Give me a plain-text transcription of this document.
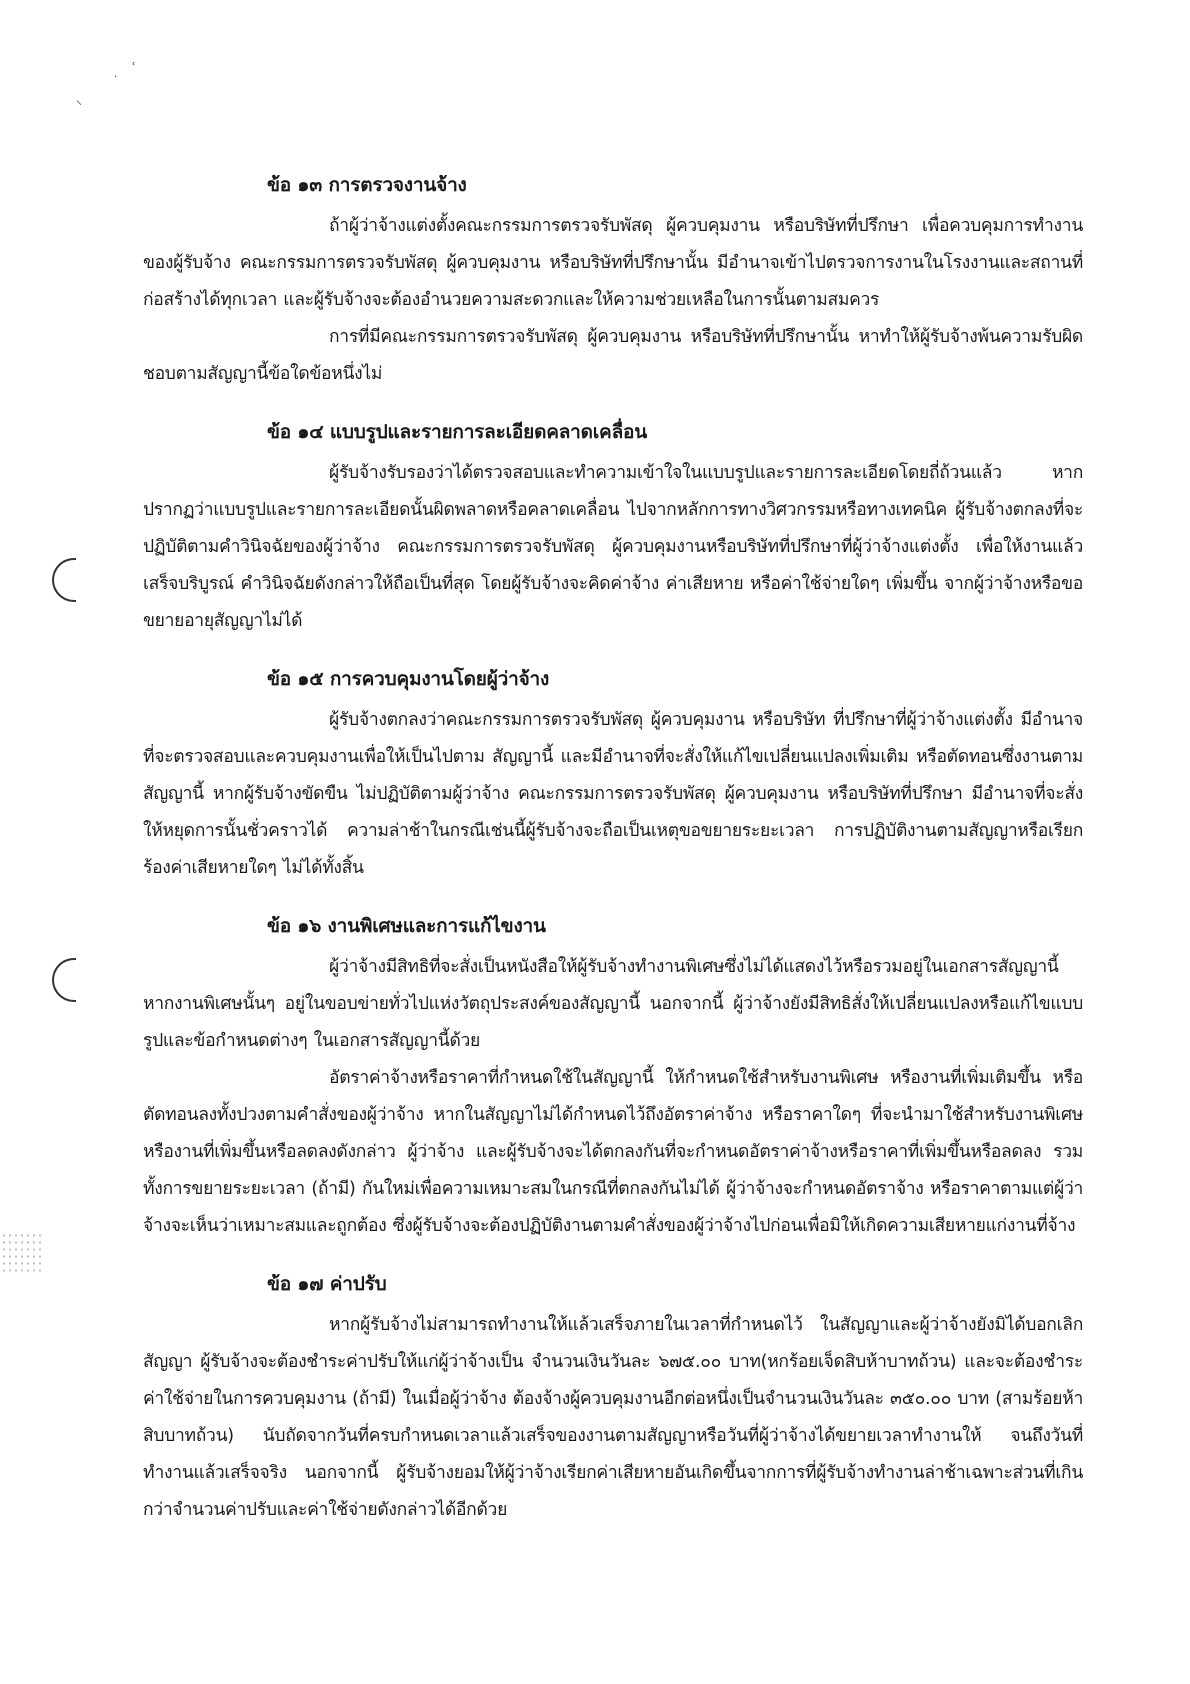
ՙ
·
⸌
ข้อ ๑๓ การตรวจงานจ้าง

ถ้าผู้ว่าจ้างแต่งตั้งคณะกรรมการตรวจรับพัสดุ ผู้ควบคุมงาน หรือบริษัทที่ปรึกษา เพื่อควบคุมการทำงานของผู้รับจ้าง คณะกรรมการตรวจรับพัสดุ ผู้ควบคุมงาน หรือบริษัทที่ปรึกษานั้น มีอำนาจเข้าไปตรวจการงานในโรงงานและสถานที่ก่อสร้างได้ทุกเวลา และผู้รับจ้างจะต้องอำนวยความสะดวกและให้ความช่วยเหลือในการนั้นตามสมควร

การที่มีคณะกรรมการตรวจรับพัสดุ ผู้ควบคุมงาน หรือบริษัทที่ปรึกษานั้น หาทำให้ผู้รับจ้างพ้นความรับผิดชอบตามสัญญานี้ข้อใดข้อหนึ่งไม่

ข้อ ๑๔ แบบรูปและรายการละเอียดคลาดเคลื่อน

ผู้รับจ้างรับรองว่าได้ตรวจสอบและทำความเข้าใจในแบบรูปและรายการละเอียดโดยถี่ถ้วนแล้ว หากปรากฏว่าแบบรูปและรายการละเอียดนั้นผิดพลาดหรือคลาดเคลื่อน ไปจากหลักการทางวิศวกรรมหรือทางเทคนิค ผู้รับจ้างตกลงที่จะปฏิบัติตามคำวินิจฉัยของผู้ว่าจ้าง คณะกรรมการตรวจรับพัสดุ ผู้ควบคุมงานหรือบริษัทที่ปรึกษาที่ผู้ว่าจ้างแต่งตั้ง เพื่อให้งานแล้วเสร็จบริบูรณ์ คำวินิจฉัยดังกล่าวให้ถือเป็นที่สุด โดยผู้รับจ้างจะคิดค่าจ้าง ค่าเสียหาย หรือค่าใช้จ่ายใดๆ เพิ่มขึ้น จากผู้ว่าจ้างหรือขอขยายอายุสัญญาไม่ได้

ข้อ ๑๕ การควบคุมงานโดยผู้ว่าจ้าง

ผู้รับจ้างตกลงว่าคณะกรรมการตรวจรับพัสดุ ผู้ควบคุมงาน หรือบริษัท ที่ปรึกษาที่ผู้ว่าจ้างแต่งตั้ง มีอำนาจที่จะตรวจสอบและควบคุมงานเพื่อให้เป็นไปตาม สัญญานี้ และมีอำนาจที่จะสั่งให้แก้ไขเปลี่ยนแปลงเพิ่มเติม หรือตัดทอนซึ่งงานตามสัญญานี้ หากผู้รับจ้างขัดขืน ไม่ปฏิบัติตามผู้ว่าจ้าง คณะกรรมการตรวจรับพัสดุ ผู้ควบคุมงาน หรือบริษัทที่ปรึกษา มีอำนาจที่จะสั่งให้หยุดการนั้นชั่วคราวได้ ความล่าช้าในกรณีเช่นนี้ผู้รับจ้างจะถือเป็นเหตุขอขยายระยะเวลา การปฏิบัติงานตามสัญญาหรือเรียกร้องค่าเสียหายใดๆ ไม่ได้ทั้งสิ้น

ข้อ ๑๖ งานพิเศษและการแก้ไขงาน

ผู้ว่าจ้างมีสิทธิที่จะสั่งเป็นหนังสือให้ผู้รับจ้างทำงานพิเศษซึ่งไม่ได้แสดงไว้หรือรวมอยู่ในเอกสารสัญญานี้ หากงานพิเศษนั้นๆ อยู่ในขอบข่ายทั่วไปแห่งวัตถุประสงค์ของสัญญานี้ นอกจากนี้ ผู้ว่าจ้างยังมีสิทธิสั่งให้เปลี่ยนแปลงหรือแก้ไขแบบรูปและข้อกำหนดต่างๆ ในเอกสารสัญญานี้ด้วย

อัตราค่าจ้างหรือราคาที่กำหนดใช้ในสัญญานี้ ให้กำหนดใช้สำหรับงานพิเศษ หรืองานที่เพิ่มเติมขึ้น หรือตัดทอนลงทั้งปวงตามคำสั่งของผู้ว่าจ้าง หากในสัญญาไม่ได้กำหนดไว้ถึงอัตราค่าจ้าง หรือราคาใดๆ ที่จะนำมาใช้สำหรับงานพิเศษหรืองานที่เพิ่มขึ้นหรือลดลงดังกล่าว ผู้ว่าจ้าง และผู้รับจ้างจะได้ตกลงกันที่จะกำหนดอัตราค่าจ้างหรือราคาที่เพิ่มขึ้นหรือลดลง รวมทั้งการขยายระยะเวลา (ถ้ามี) กันใหม่เพื่อความเหมาะสมในกรณีที่ตกลงกันไม่ได้ ผู้ว่าจ้างจะกำหนดอัตราจ้าง หรือราคาตามแต่ผู้ว่าจ้างจะเห็นว่าเหมาะสมและถูกต้อง ซึ่งผู้รับจ้างจะต้องปฏิบัติงานตามคำสั่งของผู้ว่าจ้างไปก่อนเพื่อมิให้เกิดความเสียหายแก่งานที่จ้าง

ข้อ ๑๗ ค่าปรับ

หากผู้รับจ้างไม่สามารถทำงานให้แล้วเสร็จภายในเวลาที่กำหนดไว้ ในสัญญาและผู้ว่าจ้างยังมิได้บอกเลิกสัญญา ผู้รับจ้างจะต้องชำระค่าปรับให้แก่ผู้ว่าจ้างเป็น จำนวนเงินวันละ ๖๗๕.๐๐ บาท(หกร้อยเจ็ดสิบห้าบาทถ้วน) และจะต้องชำระค่าใช้จ่ายในการควบคุมงาน (ถ้ามี) ในเมื่อผู้ว่าจ้าง ต้องจ้างผู้ควบคุมงานอีกต่อหนึ่งเป็นจำนวนเงินวันละ ๓๕๐.๐๐ บาท (สามร้อยห้าสิบบาทถ้วน) นับถัดจากวันที่ครบกำหนดเวลาแล้วเสร็จของงานตามสัญญาหรือวันที่ผู้ว่าจ้างได้ขยายเวลาทำงานให้ จนถึงวันที่ทำงานแล้วเสร็จจริง นอกจากนี้ ผู้รับจ้างยอมให้ผู้ว่าจ้างเรียกค่าเสียหายอันเกิดขึ้นจากการที่ผู้รับจ้างทำงานล่าช้าเฉพาะส่วนที่เกินกว่าจำนวนค่าปรับและค่าใช้จ่ายดังกล่าวได้อีกด้วย
